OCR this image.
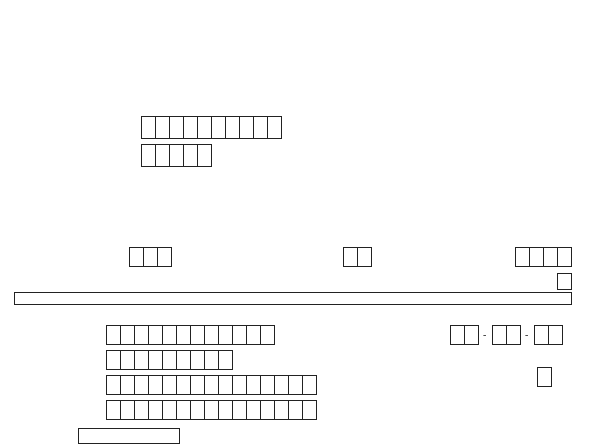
-	-
